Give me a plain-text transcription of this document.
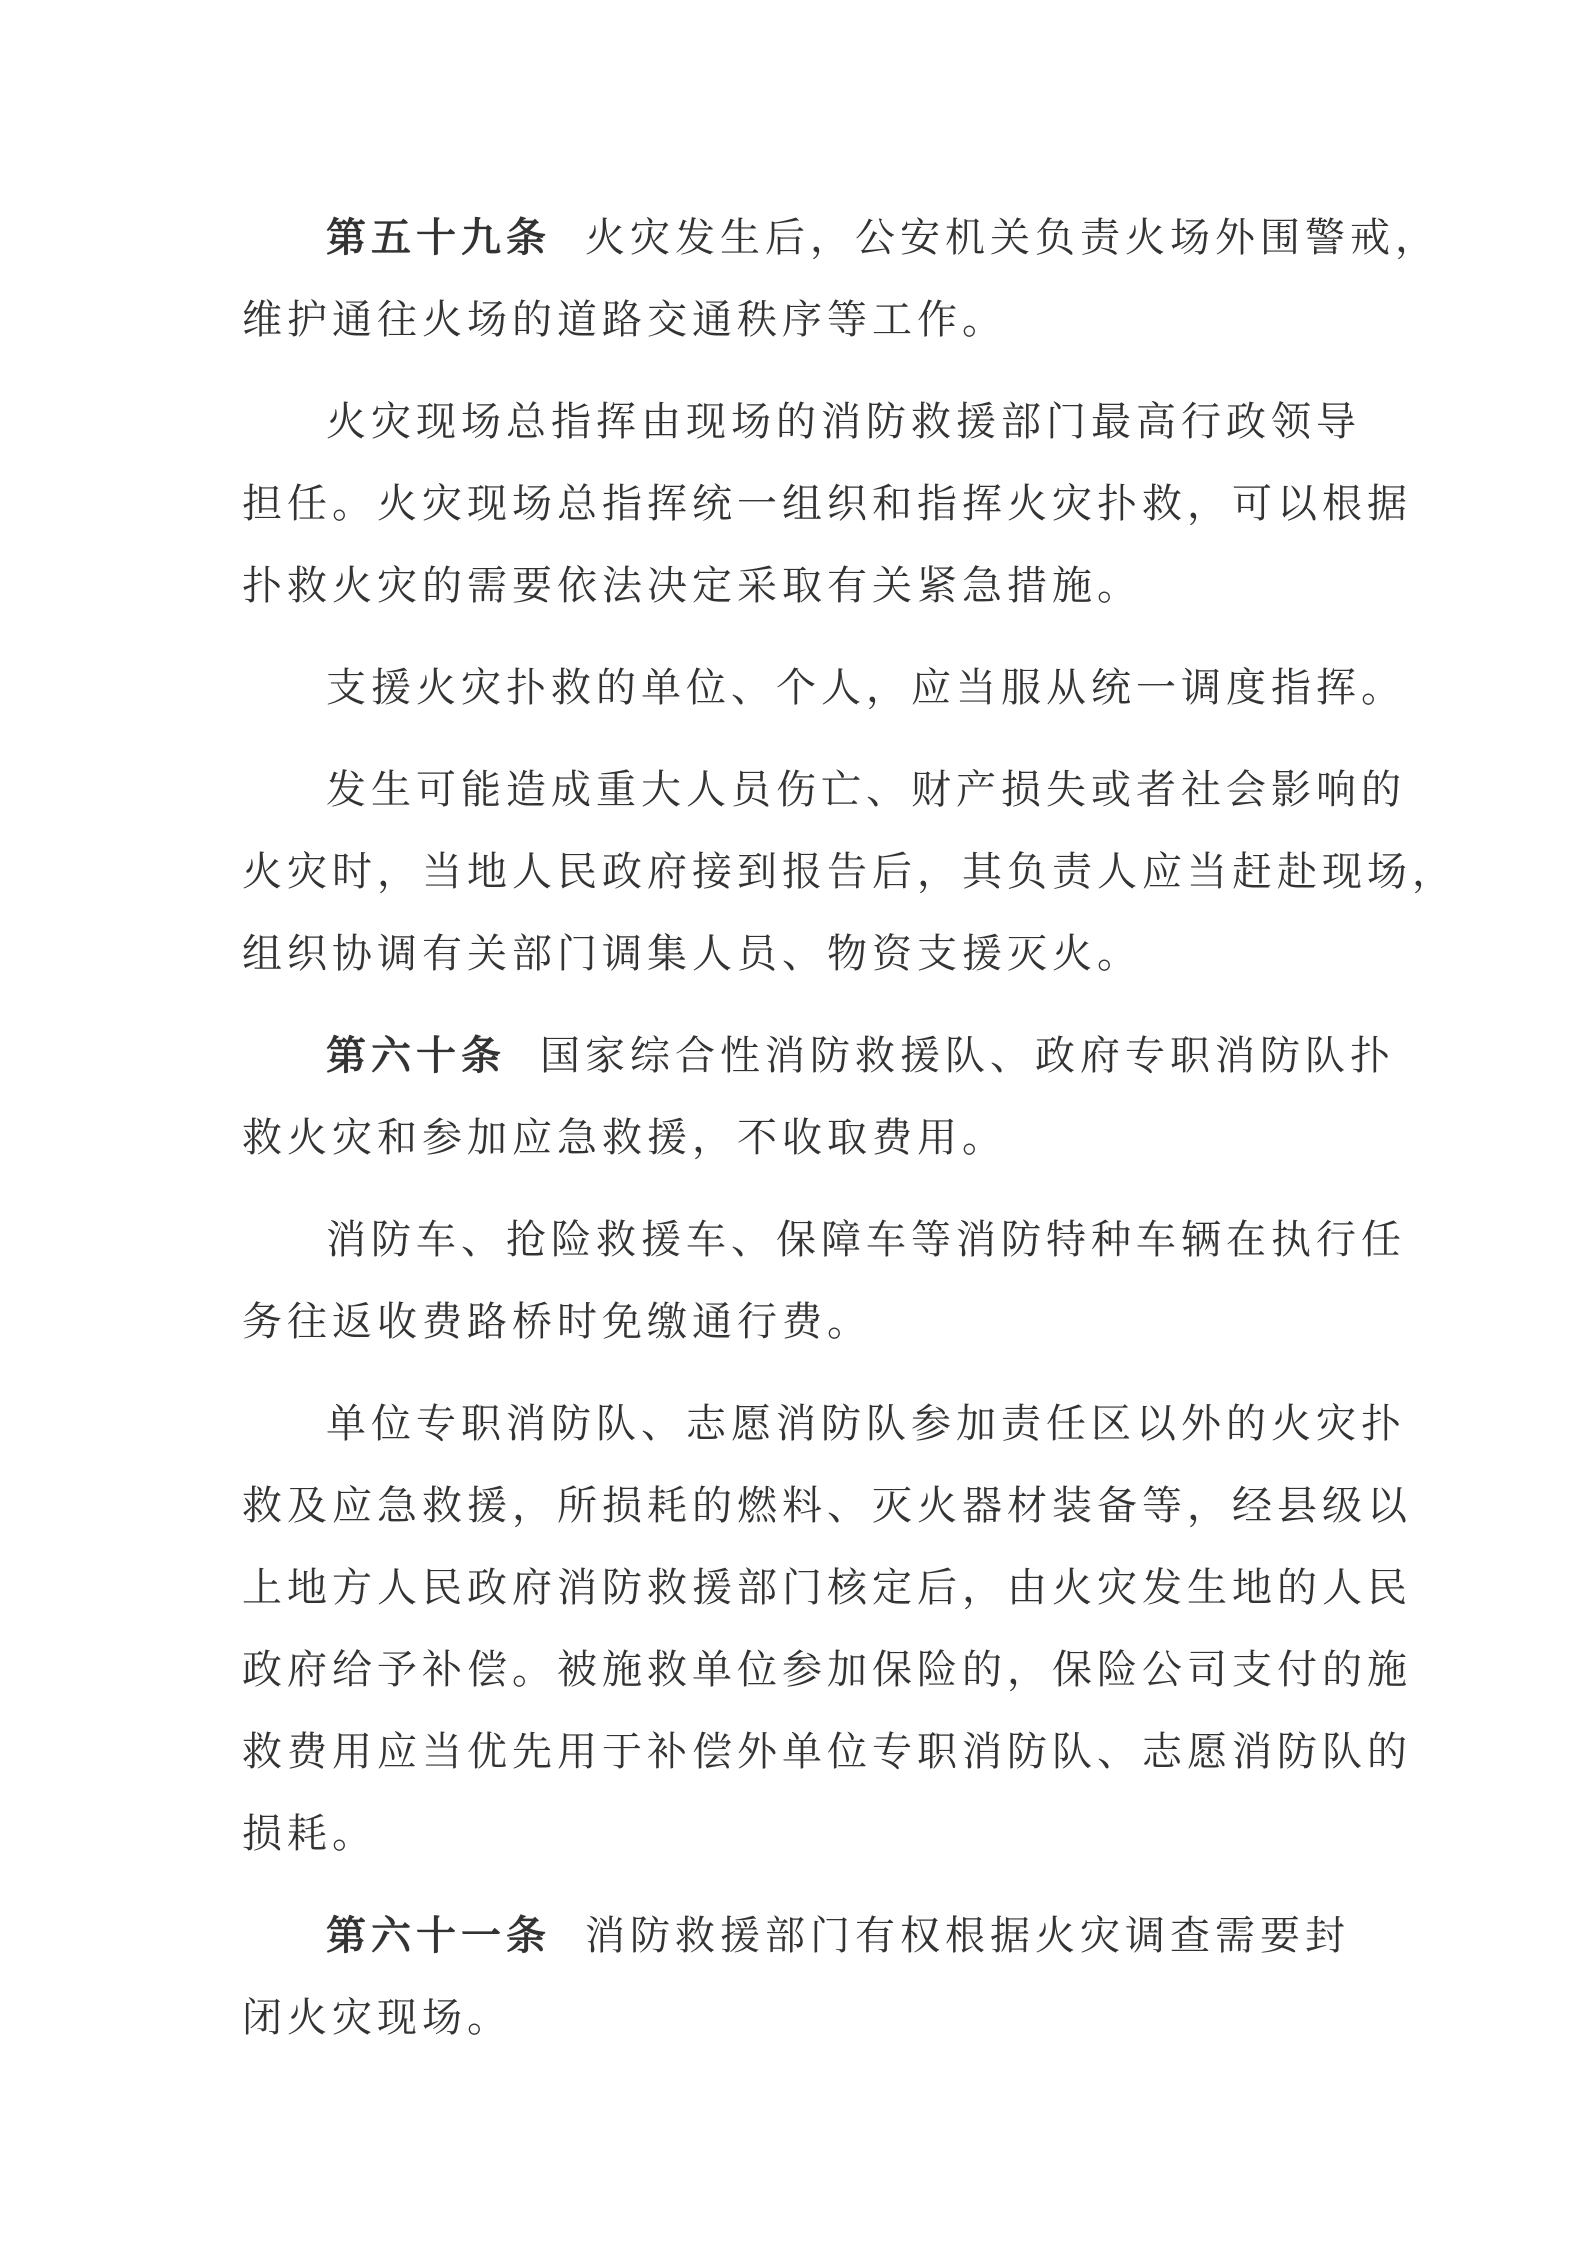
第五十九条 火灾发生后，公安机关负责火场外围警戒，

维护通往火场的道路交通秩序等工作。

火灾现场总指挥由现场的消防救援部门最高行政领导

担任。火灾现场总指挥统一组织和指挥火灾扑救，可以根据

扑救火灾的需要依法决定采取有关紧急措施。

支援火灾扑救的单位、个人，应当服从统一调度指挥。

发生可能造成重大人员伤亡、财产损失或者社会影响的

火灾时，当地人民政府接到报告后，其负责人应当赶赴现场，

组织协调有关部门调集人员、物资支援灭火。

第六十条 国家综合性消防救援队、政府专职消防队扑

救火灾和参加应急救援，不收取费用。

消防车、抢险救援车、保障车等消防特种车辆在执行任

务往返收费路桥时免缴通行费。

单位专职消防队、志愿消防队参加责任区以外的火灾扑

救及应急救援，所损耗的燃料、灭火器材装备等，经县级以

上地方人民政府消防救援部门核定后，由火灾发生地的人民

政府给予补偿。被施救单位参加保险的，保险公司支付的施

救费用应当优先用于补偿外单位专职消防队、志愿消防队的

损耗。

第六十一条 消防救援部门有权根据火灾调查需要封

闭火灾现场。
